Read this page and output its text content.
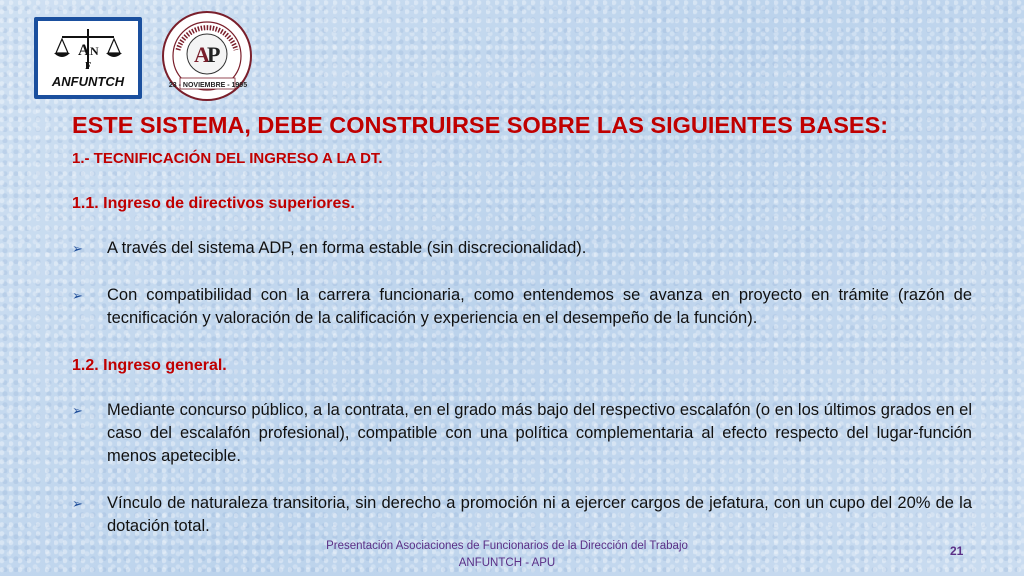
A N
F
ANFUNTCH
A
P
23 - NOVIEMBRE - 1995
ESTE SISTEMA, DEBE CONSTRUIRSE SOBRE LAS SIGUIENTES BASES:
1.- TECNIFICACIÓN DEL INGRESO A LA DT.
1.1. Ingreso de directivos superiores.
➢	A través del sistema ADP, en forma estable (sin discrecionalidad).
➢	Con compatibilidad con la carrera funcionaria, como entendemos se avanza en proyecto en trámite (razón de tecnificación y valoración de la calificación y experiencia en el desempeño de la función).
1.2. Ingreso general.
➢	Mediante concurso público, a la contrata, en el grado más bajo del respectivo escalafón (o en los últimos grados en el caso del escalafón profesional), compatible con una política complementaria al efecto respecto del lugar-función menos apetecible.
➢	Vínculo de naturaleza transitoria, sin derecho a promoción ni a ejercer cargos de jefatura, con un cupo del 20% de la dotación total.
Presentación Asociaciones de Funcionarios de la Dirección del Trabajo
ANFUNTCH - APU
21
